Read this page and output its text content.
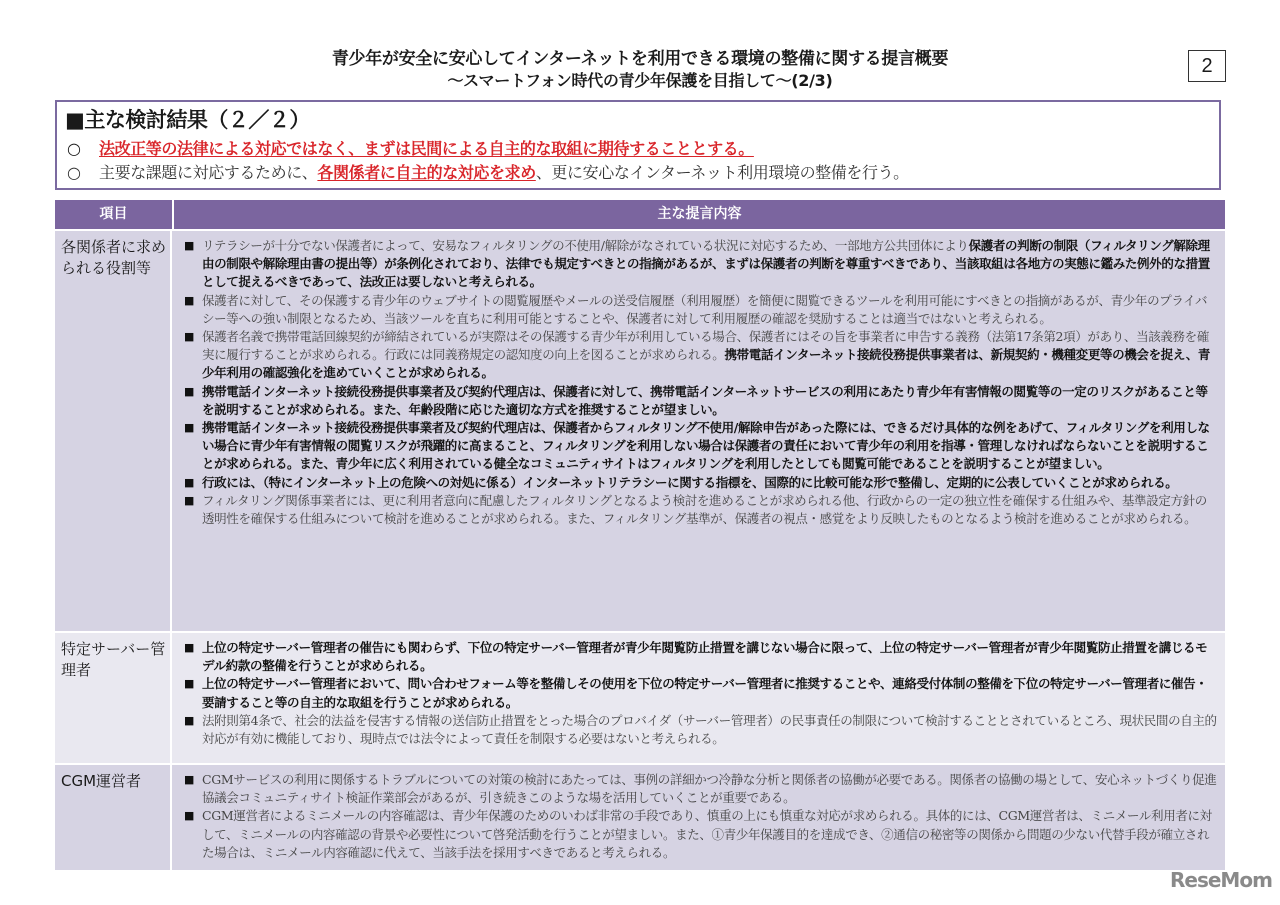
青少年が安全に安心してインターネットを利用できる環境の整備に関する提言概要
～スマートフォン時代の青少年保護を目指して～(2/3)
2
■主な検討結果（２／２）
○ 法改正等の法律による対応ではなく、まずは民間による自主的な取組に期待することとする。
○ 主要な課題に対応するために、各関係者に自主的な対応を求め、更に安心なインターネット利用環境の整備を行う。
項目	主な提言内容
各関係者に求められる役割等
■ リテラシーが十分でない保護者によって、安易なフィルタリングの不使用/解除がなされている状況に対応するため、一部地方公共団体により保護者の判断の制限（フィルタリング解除理由の制限や解除理由書の提出等）が条例化されており、法律でも規定すべきとの指摘があるが、まずは保護者の判断を尊重すべきであり、当該取組は各地方の実態に鑑みた例外的な措置として捉えるべきであって、法改正は要しないと考えられる。
■ 保護者に対して、その保護する青少年のウェブサイトの閲覧履歴やメールの送受信履歴（利用履歴）を簡便に閲覧できるツールを利用可能にすべきとの指摘があるが、青少年のプライバシー等への強い制限となるため、当該ツールを直ちに利用可能とすることや、保護者に対して利用履歴の確認を奨励することは適当ではないと考えられる。
■ 保護者名義で携帯電話回線契約が締結されているが実際はその保護する青少年が利用している場合、保護者にはその旨を事業者に申告する義務（法第17条第2項）があり、当該義務を確実に履行することが求められる。行政には同義務規定の認知度の向上を図ることが求められる。携帯電話インターネット接続役務提供事業者は、新規契約・機種変更等の機会を捉え、青少年利用の確認強化を進めていくことが求められる。
■ 携帯電話インターネット接続役務提供事業者及び契約代理店は、保護者に対して、携帯電話インターネットサービスの利用にあたり青少年有害情報の閲覧等の一定のリスクがあること等を説明することが求められる。また、年齢段階に応じた適切な方式を推奨することが望ましい。
■ 携帯電話インターネット接続役務提供事業者及び契約代理店は、保護者からフィルタリング不使用/解除申告があった際には、できるだけ具体的な例をあげて、フィルタリングを利用しない場合に青少年有害情報の閲覧リスクが飛躍的に高まること、フィルタリングを利用しない場合は保護者の責任において青少年の利用を指導・管理しなければならないことを説明することが求められる。また、青少年に広く利用されている健全なコミュニティサイトはフィルタリングを利用したとしても閲覧可能であることを説明することが望ましい。
■ 行政には、（特にインターネット上の危険への対処に係る）インターネットリテラシーに関する指標を、国際的に比較可能な形で整備し、定期的に公表していくことが求められる。
■ フィルタリング関係事業者には、更に利用者意向に配慮したフィルタリングとなるよう検討を進めることが求められる他、行政からの一定の独立性を確保する仕組みや、基準設定方針の透明性を確保する仕組みについて検討を進めることが求められる。また、フィルタリング基準が、保護者の視点・感覚をより反映したものとなるよう検討を進めることが求められる。
特定サーバー管理者
■ 上位の特定サーバー管理者の催告にも関わらず、下位の特定サーバー管理者が青少年閲覧防止措置を講じない場合に限って、上位の特定サーバー管理者が青少年閲覧防止措置を講じるモデル約款の整備を行うことが求められる。
■ 上位の特定サーバー管理者において、問い合わせフォーム等を整備しその使用を下位の特定サーバー管理者に推奨することや、連絡受付体制の整備を下位の特定サーバー管理者に催告・要請すること等の自主的な取組を行うことが求められる。
■ 法附則第4条で、社会的法益を侵害する情報の送信防止措置をとった場合のプロバイダ（サーバー管理者）の民事責任の制限について検討することとされているところ、現状民間の自主的対応が有効に機能しており、現時点では法令によって責任を制限する必要はないと考えられる。
CGM運営者	■ CGMサービスの利用に関係するトラブルについての対策の検討にあたっては、事例の詳細かつ冷静な分析と関係者の協働が必要である。関係者の協働の場として、安心ネットづくり促進協議会コミュニティサイト検証作業部会があるが、引き続きこのような場を活用していくことが重要である。
■ CGM運営者によるミニメールの内容確認は、青少年保護のためのいわば非常の手段であり、慎重の上にも慎重な対応が求められる。具体的には、CGM運営者は、ミニメール利用者に対して、ミニメールの内容確認の背景や必要性について啓発活動を行うことが望ましい。また、①青少年保護目的を達成でき、②通信の秘密等の関係から問題の少ない代替手段が確立された場合は、ミニメール内容確認に代えて、当該手法を採用すべきであると考えられる。
ReseMom
